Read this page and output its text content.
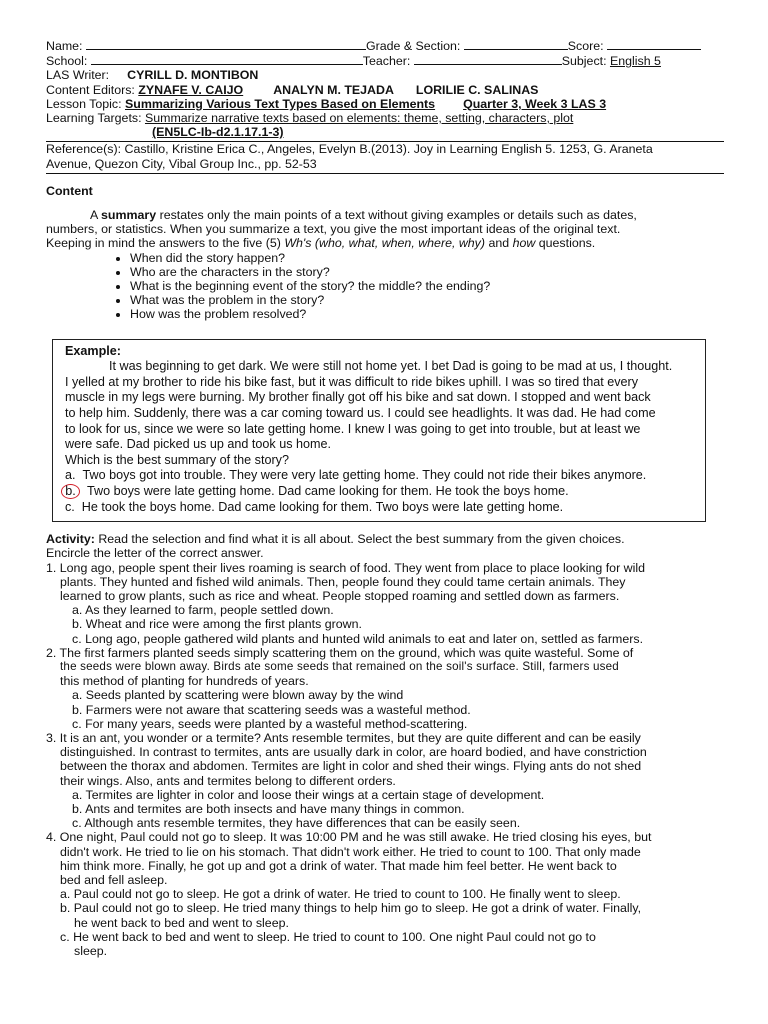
Name:	Grade & Section:	Score:
School:	Teacher:	Subject: English 5
LAS Writer: CYRILL D. MONTIBON
Content Editors: ZYNAFE V. CAIJO ANALYN M. TEJADA LORILIE C. SALINAS
Lesson Topic: Summarizing Various Text Types Based on Elements Quarter 3, Week 3 LAS 3
Learning Targets: Summarize narrative texts based on elements: theme, setting, characters, plot
(EN5LC-Ib-d2.1.17.1-3)
Reference(s): Castillo, Kristine Erica C., Angeles, Evelyn B.(2013). Joy in Learning English 5. 1253, G. Araneta
Avenue, Quezon City, Vibal Group Inc., pp. 52-53
Content
A summary restates only the main points of a text without giving examples or details such as dates,
numbers, or statistics. When you summarize a text, you give the most important ideas of the original text.
Keeping in mind the answers to the five (5) Wh's (who, what, when, where, why) and how questions.
• When did the story happen?
• Who are the characters in the story?
• What is the beginning event of the story? the middle? the ending?
• What was the problem in the story?
• How was the problem resolved?
Example:
It was beginning to get dark. We were still not home yet. I bet Dad is going to be mad at us, I thought.
I yelled at my brother to ride his bike fast, but it was difficult to ride bikes uphill. I was so tired that every
muscle in my legs were burning. My brother finally got off his bike and sat down. I stopped and went back
to help him. Suddenly, there was a car coming toward us. I could see headlights. It was dad. He had come
to look for us, since we were so late getting home. I knew I was going to get into trouble, but at least we
were safe. Dad picked us up and took us home.
Which is the best summary of the story?
a. Two boys got into trouble. They were very late getting home. They could not ride their bikes anymore.
b. Two boys were late getting home. Dad came looking for them. He took the boys home.
c. He took the boys home. Dad came looking for them. Two boys were late getting home.
Activity: Read the selection and find what it is all about. Select the best summary from the given choices.
Encircle the letter of the correct answer.
1. Long ago, people spent their lives roaming is search of food. They went from place to place looking for wild
plants. They hunted and fished wild animals. Then, people found they could tame certain animals. They
learned to grow plants, such as rice and wheat. People stopped roaming and settled down as farmers.
a. As they learned to farm, people settled down.
b. Wheat and rice were among the first plants grown.
c. Long ago, people gathered wild plants and hunted wild animals to eat and later on, settled as farmers.
2. The first farmers planted seeds simply scattering them on the ground, which was quite wasteful. Some of
the seeds were blown away. Birds ate some seeds that remained on the soil's surface. Still, farmers used
this method of planting for hundreds of years.
a. Seeds planted by scattering were blown away by the wind
b. Farmers were not aware that scattering seeds was a wasteful method.
c. For many years, seeds were planted by a wasteful method-scattering.
3. It is an ant, you wonder or a termite? Ants resemble termites, but they are quite different and can be easily
distinguished. In contrast to termites, ants are usually dark in color, are hoard bodied, and have constriction
between the thorax and abdomen. Termites are light in color and shed their wings. Flying ants do not shed
their wings. Also, ants and termites belong to different orders.
a. Termites are lighter in color and loose their wings at a certain stage of development.
b. Ants and termites are both insects and have many things in common.
c. Although ants resemble termites, they have differences that can be easily seen.
4. One night, Paul could not go to sleep. It was 10:00 PM and he was still awake. He tried closing his eyes, but
didn't work. He tried to lie on his stomach. That didn't work either. He tried to count to 100. That only made
him think more. Finally, he got up and got a drink of water. That made him feel better. He went back to
bed and fell asleep.
a. Paul could not go to sleep. He got a drink of water. He tried to count to 100. He finally went to sleep.
b. Paul could not go to sleep. He tried many things to help him go to sleep. He got a drink of water. Finally,
he went back to bed and went to sleep.
c. He went back to bed and went to sleep. He tried to count to 100. One night Paul could not go to
sleep.
